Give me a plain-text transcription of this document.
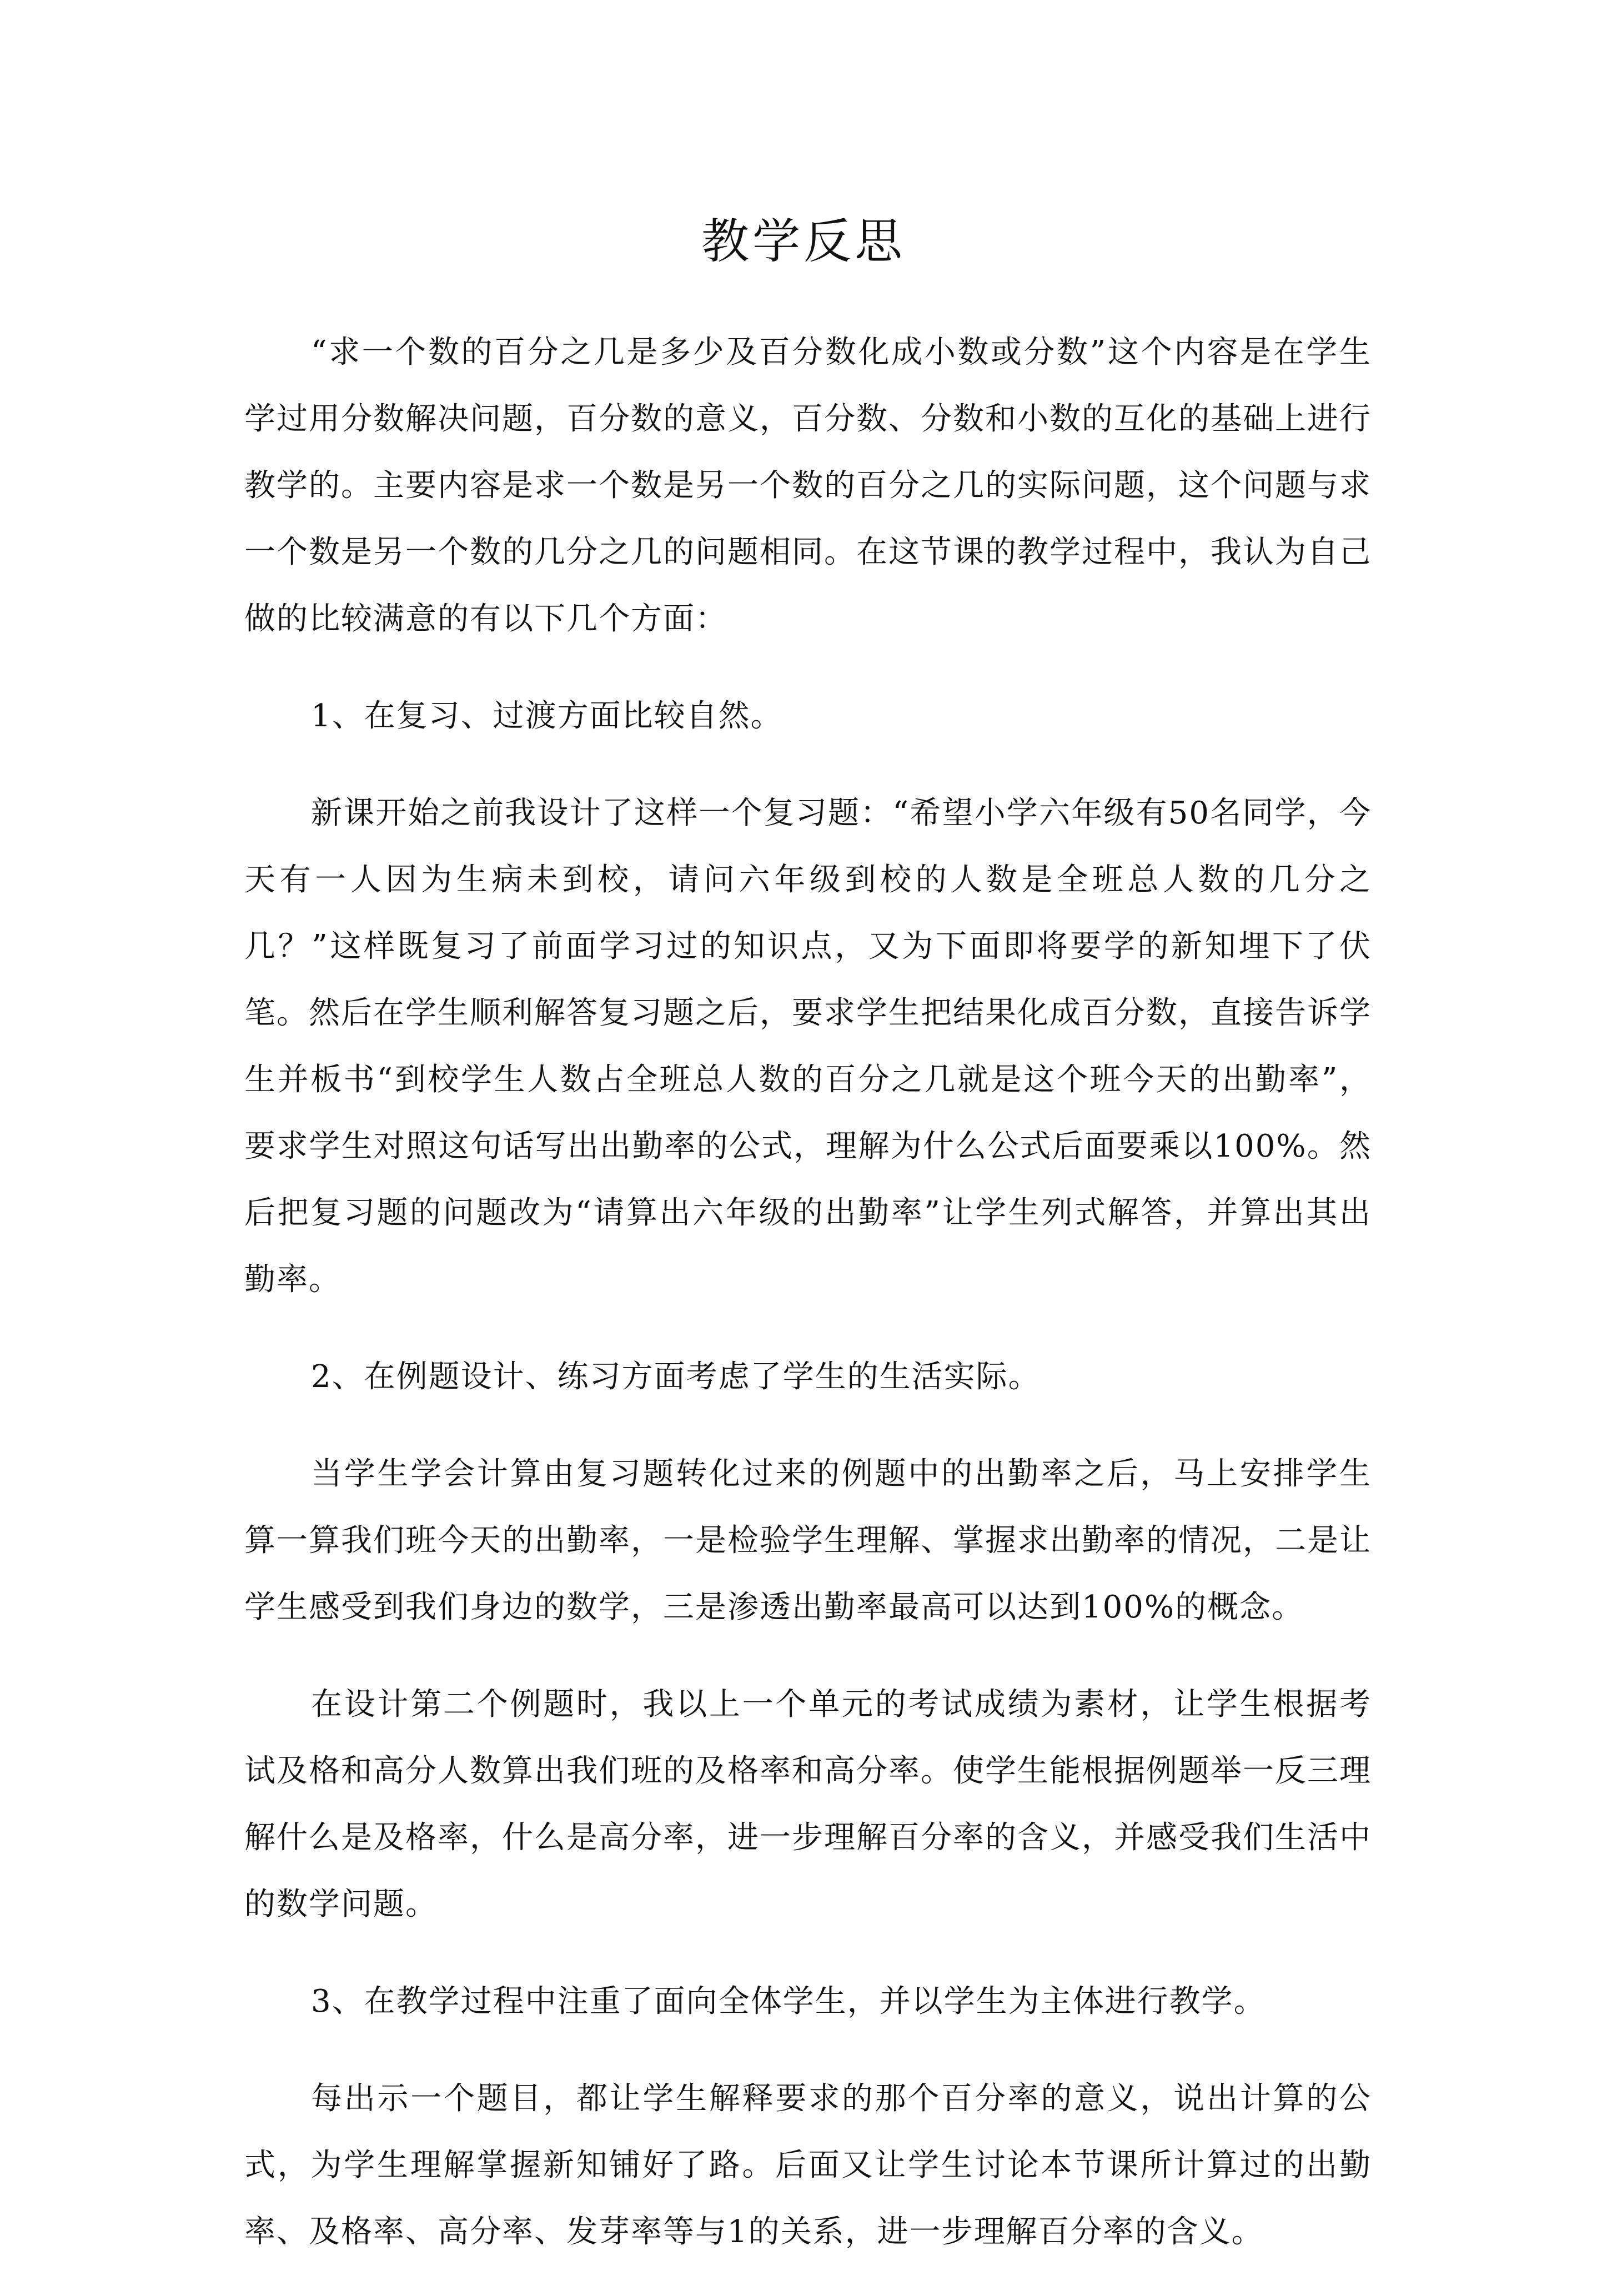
教学反思

“求一个数的百分之几是多少及百分数化成小数或分数”这个内容是在学生学过用分数解决问题，百分数的意义，百分数、分数和小数的互化的基础上进行教学的。主要内容是求一个数是另一个数的百分之几的实际问题，这个问题与求一个数是另一个数的几分之几的问题相同。在这节课的教学过程中，我认为自己做的比较满意的有以下几个方面：

1、在复习、过渡方面比较自然。

新课开始之前我设计了这样一个复习题：“希望小学六年级有50名同学，今天有一人因为生病未到校，请问六年级到校的人数是全班总人数的几分之几？”这样既复习了前面学习过的知识点，又为下面即将要学的新知埋下了伏笔。然后在学生顺利解答复习题之后，要求学生把结果化成百分数，直接告诉学生并板书“到校学生人数占全班总人数的百分之几就是这个班今天的出勤率”，要求学生对照这句话写出出勤率的公式，理解为什么公式后面要乘以100%。然后把复习题的问题改为“请算出六年级的出勤率”让学生列式解答，并算出其出勤率。

2、在例题设计、练习方面考虑了学生的生活实际。

当学生学会计算由复习题转化过来的例题中的出勤率之后，马上安排学生算一算我们班今天的出勤率，一是检验学生理解、掌握求出勤率的情况，二是让学生感受到我们身边的数学，三是渗透出勤率最高可以达到100%的概念。

在设计第二个例题时，我以上一个单元的考试成绩为素材，让学生根据考试及格和高分人数算出我们班的及格率和高分率。使学生能根据例题举一反三理解什么是及格率，什么是高分率，进一步理解百分率的含义，并感受我们生活中的数学问题。

3、在教学过程中注重了面向全体学生，并以学生为主体进行教学。

每出示一个题目，都让学生解释要求的那个百分率的意义，说出计算的公式，为学生理解掌握新知铺好了路。后面又让学生讨论本节课所计算过的出勤率、及格率、高分率、发芽率等与1的关系，进一步理解百分率的含义。
